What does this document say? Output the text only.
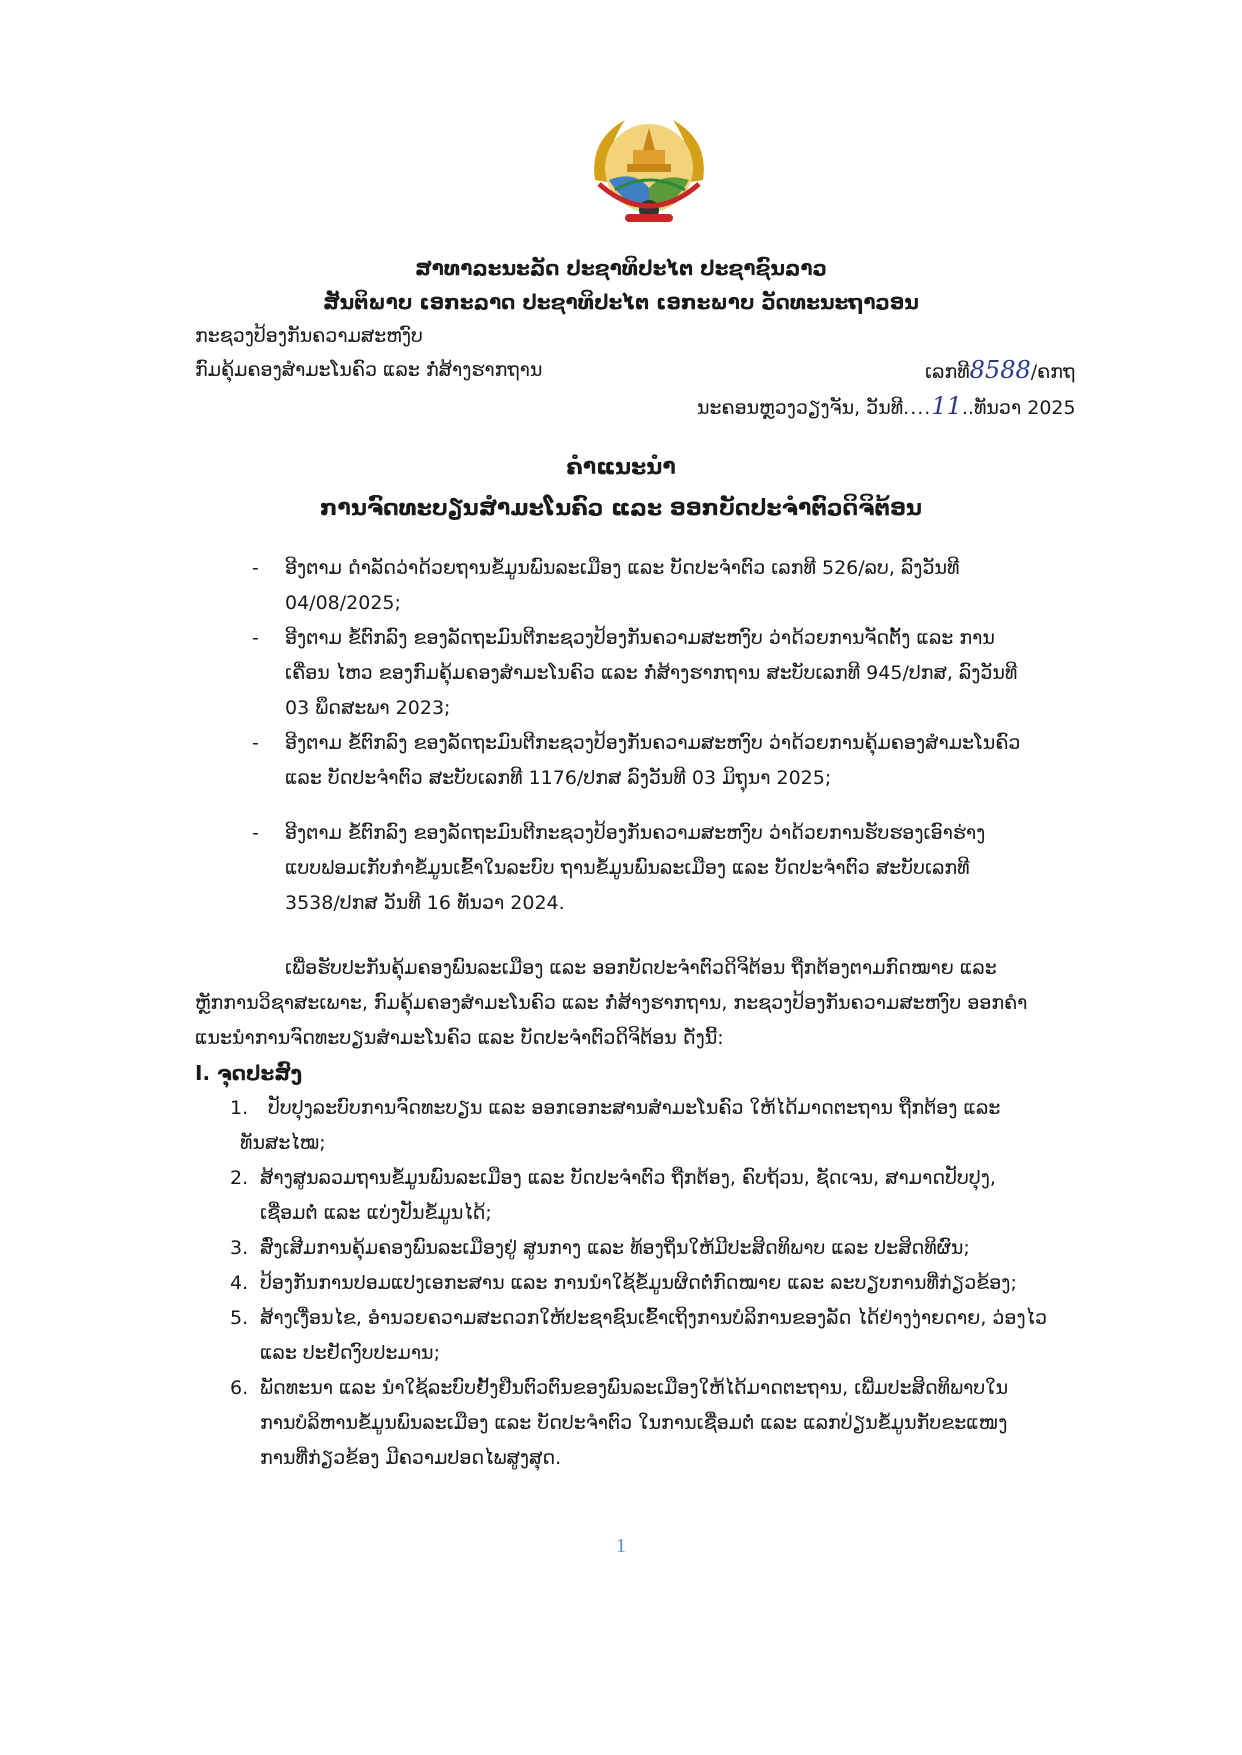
ສາທາລະນະລັດ ປະຊາທິປະໄຕ ປະຊາຊົນລາວ
ສັນຕິພາບ ເອກະລາດ ປະຊາທິປະໄຕ ເອກະພາບ ວັດທະນະຖາວອນ
ກະຊວງປ້ອງກັນຄວາມສະຫງົບ
ກົມຄຸ້ມຄອງສຳມະໂນຄົວ ແລະ ກໍ່ສ້າງຮາກຖານ	ເລກທີ8588/ຄກຖ
ນະຄອນຫຼວງວຽງຈັນ, ວັນທີ....11..ທັນວາ 2025
ຄຳແນະນຳ
ການຈົດທະບຽນສຳມະໂນຄົວ ແລະ ອອກບັດປະຈຳຕົວດິຈິຕ້ອນ
- ອີງຕາມ ດຳລັດວ່າດ້ວຍຖານຂໍ້ມູນພົນລະເມືອງ ແລະ ບັດປະຈຳຕົວ ເລກທີ 526/ລບ, ລົງວັນທີ
04/08/2025;
- ອີງຕາມ ຂໍ້ຕົກລົງ ຂອງລັດຖະມົນຕີກະຊວງປ້ອງກັນຄວາມສະຫງົບ ວ່າດ້ວຍການຈັດຕັ້ງ ແລະ ການ
ເຄື່ອນ ໄຫວ ຂອງກົມຄຸ້ມຄອງສຳມະໂນຄົວ ແລະ ກໍ່ສ້າງຮາກຖານ ສະບັບເລກທີ 945/ປກສ, ລົງວັນທີ
03 ພຶດສະພາ 2023;
- ອີງຕາມ ຂໍ້ຕົກລົງ ຂອງລັດຖະມົນຕີກະຊວງປ້ອງກັນຄວາມສະຫງົບ ວ່າດ້ວຍການຄຸ້ມຄອງສຳມະໂນຄົວ
ແລະ ບັດປະຈຳຕົວ ສະບັບເລກທີ 1176/ປກສ ລົງວັນທີ 03 ມິຖຸນາ 2025;
- ອີງຕາມ ຂໍ້ຕົກລົງ ຂອງລັດຖະມົນຕີກະຊວງປ້ອງກັນຄວາມສະຫງົບ ວ່າດ້ວຍການຮັບຮອງເອົາຮ່າງ
ແບບຟອມເກັບກຳຂໍ້ມູນເຂົ້າໃນລະບົບ ຖານຂໍ້ມູນພົນລະເມືອງ ແລະ ບັດປະຈຳຕົວ ສະບັບເລກທີ
3538/ປກສ ວັນທີ 16 ທັນວາ 2024.
ເພື່ອຮັບປະກັນຄຸ້ມຄອງພົນລະເມືອງ ແລະ ອອກບັດປະຈຳຕົວດິຈິຕ້ອນ ຖືກຕ້ອງຕາມກົດໝາຍ ແລະ
ຫຼັກການວິຊາສະເພາະ, ກົມຄຸ້ມຄອງສຳມະໂນຄົວ ແລະ ກໍ່ສ້າງຮາກຖານ, ກະຊວງປ້ອງກັນຄວາມສະຫງົບ ອອກຄຳ
ແນະນຳການຈົດທະບຽນສຳມະໂນຄົວ ແລະ ບັດປະຈຳຕົວດິຈິຕ້ອນ ດັ່ງນີ້:
I. ຈຸດປະສົງ
1. ປັບປຸງລະບົບການຈົດທະບຽນ ແລະ ອອກເອກະສານສຳມະໂນຄົວ ໃຫ້ໄດ້ມາດຕະຖານ ຖືກຕ້ອງ ແລະ
ທັນສະໄໝ;
2. ສ້າງສູນລວມຖານຂໍ້ມູນພົນລະເມືອງ ແລະ ບັດປະຈຳຕົວ ຖືກຕ້ອງ, ຄົບຖ້ວນ, ຊັດເຈນ, ສາມາດປັບປຸງ,
ເຊື່ອມຕໍ່ ແລະ ແບ່ງປັນຂໍ້ມູນໄດ້;
3. ສົ່ງເສີມການຄຸ້ມຄອງພົນລະເມືອງຢູ່ ສູນກາງ ແລະ ທ້ອງຖິ່ນໃຫ້ມີປະສິດທິພາບ ແລະ ປະສິດທິຜົນ;
4. ປ້ອງກັນການປອມແປງເອກະສານ ແລະ ການນຳໃຊ້ຂໍ້ມູນຜິດຕໍ່ກົດໝາຍ ແລະ ລະບຽບການທີ່ກ່ຽວຂ້ອງ;
5. ສ້າງເງື່ອນໄຂ, ອຳນວຍຄວາມສະດວກໃຫ້ປະຊາຊົນເຂົ້າເຖິງການບໍລິການຂອງລັດ ໄດ້ຢ່າງງ່າຍດາຍ, ວ່ອງໄວ
ແລະ ປະຢັດງົບປະມານ;
6. ພັດທະນາ ແລະ ນຳໃຊ້ລະບົບຢັ້ງຢືນຕົວຕົນຂອງພົນລະເມືອງໃຫ້ໄດ້ມາດຕະຖານ, ເພີ່ມປະສິດທິພາບໃນ
ການບໍລິຫານຂໍ້ມູນພົນລະເມືອງ ແລະ ບັດປະຈຳຕົວ ໃນການເຊື່ອມຕໍ່ ແລະ ແລກປ່ຽນຂໍ້ມູນກັບຂະແໜງ
ການທີ່ກ່ຽວຂ້ອງ ມີຄວາມປອດໄພສູງສຸດ.
1
